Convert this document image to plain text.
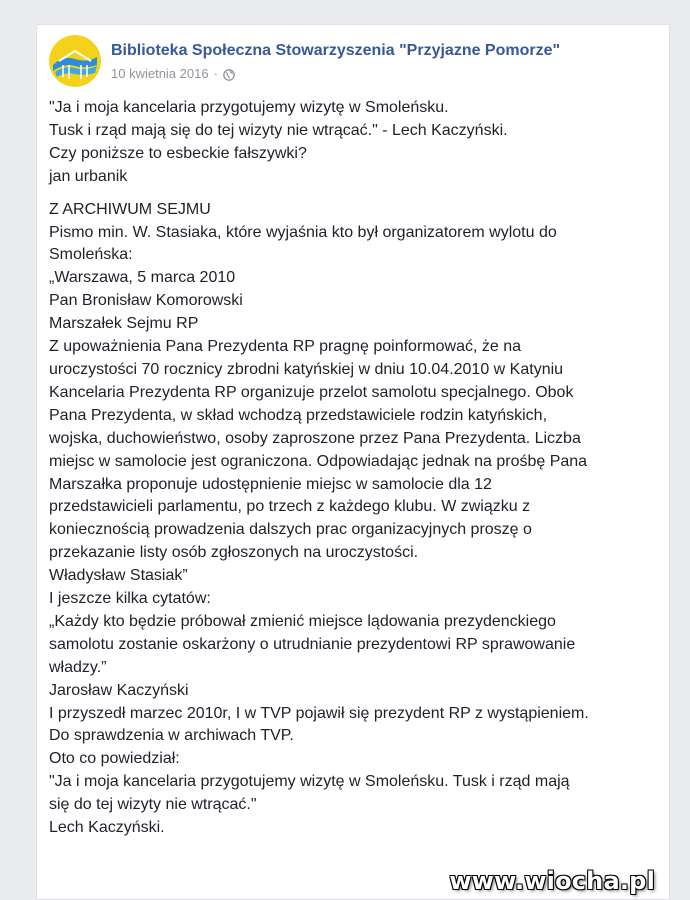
Biblioteka Społeczna Stowarzyszenia "Przyjazne Pomorze"
10 kwietnia 2016 ·
"Ja i moja kancelaria przygotujemy wizytę w Smoleńsku.
Tusk i rząd mają się do tej wizyty nie wtrącać." - Lech Kaczyński.
Czy poniższe to esbeckie fałszywki?
jan urbanik
Z ARCHIWUM SEJMU
Pismo min. W. Stasiaka, które wyjaśnia kto był organizatorem wylotu do
Smoleńska:
„Warszawa, 5 marca 2010
Pan Bronisław Komorowski
Marszałek Sejmu RP
Z upoważnienia Pana Prezydenta RP pragnę poinformować, że na
uroczystości 70 rocznicy zbrodni katyńskiej w dniu 10.04.2010 w Katyniu
Kancelaria Prezydenta RP organizuje przelot samolotu specjalnego. Obok
Pana Prezydenta, w skład wchodzą przedstawiciele rodzin katyńskich,
wojska, duchowieństwo, osoby zaproszone przez Pana Prezydenta. Liczba
miejsc w samolocie jest ograniczona. Odpowiadając jednak na prośbę Pana
Marszałka proponuje udostępnienie miejsc w samolocie dla 12
przedstawicieli parlamentu, po trzech z każdego klubu. W związku z
koniecznością prowadzenia dalszych prac organizacyjnych proszę o
przekazanie listy osób zgłoszonych na uroczystości.
Władysław Stasiak”
I jeszcze kilka cytatów:
„Każdy kto będzie próbował zmienić miejsce lądowania prezydenckiego
samolotu zostanie oskarżony o utrudnianie prezydentowi RP sprawowanie
władzy.”
Jarosław Kaczyński
I przyszedł marzec 2010r, I w TVP pojawił się prezydent RP z wystąpieniem.
Do sprawdzenia w archiwach TVP.
Oto co powiedział:
"Ja i moja kancelaria przygotujemy wizytę w Smoleńsku. Tusk i rząd mają
się do tej wizyty nie wtrącać."
Lech Kaczyński.
www.wiocha.pl
